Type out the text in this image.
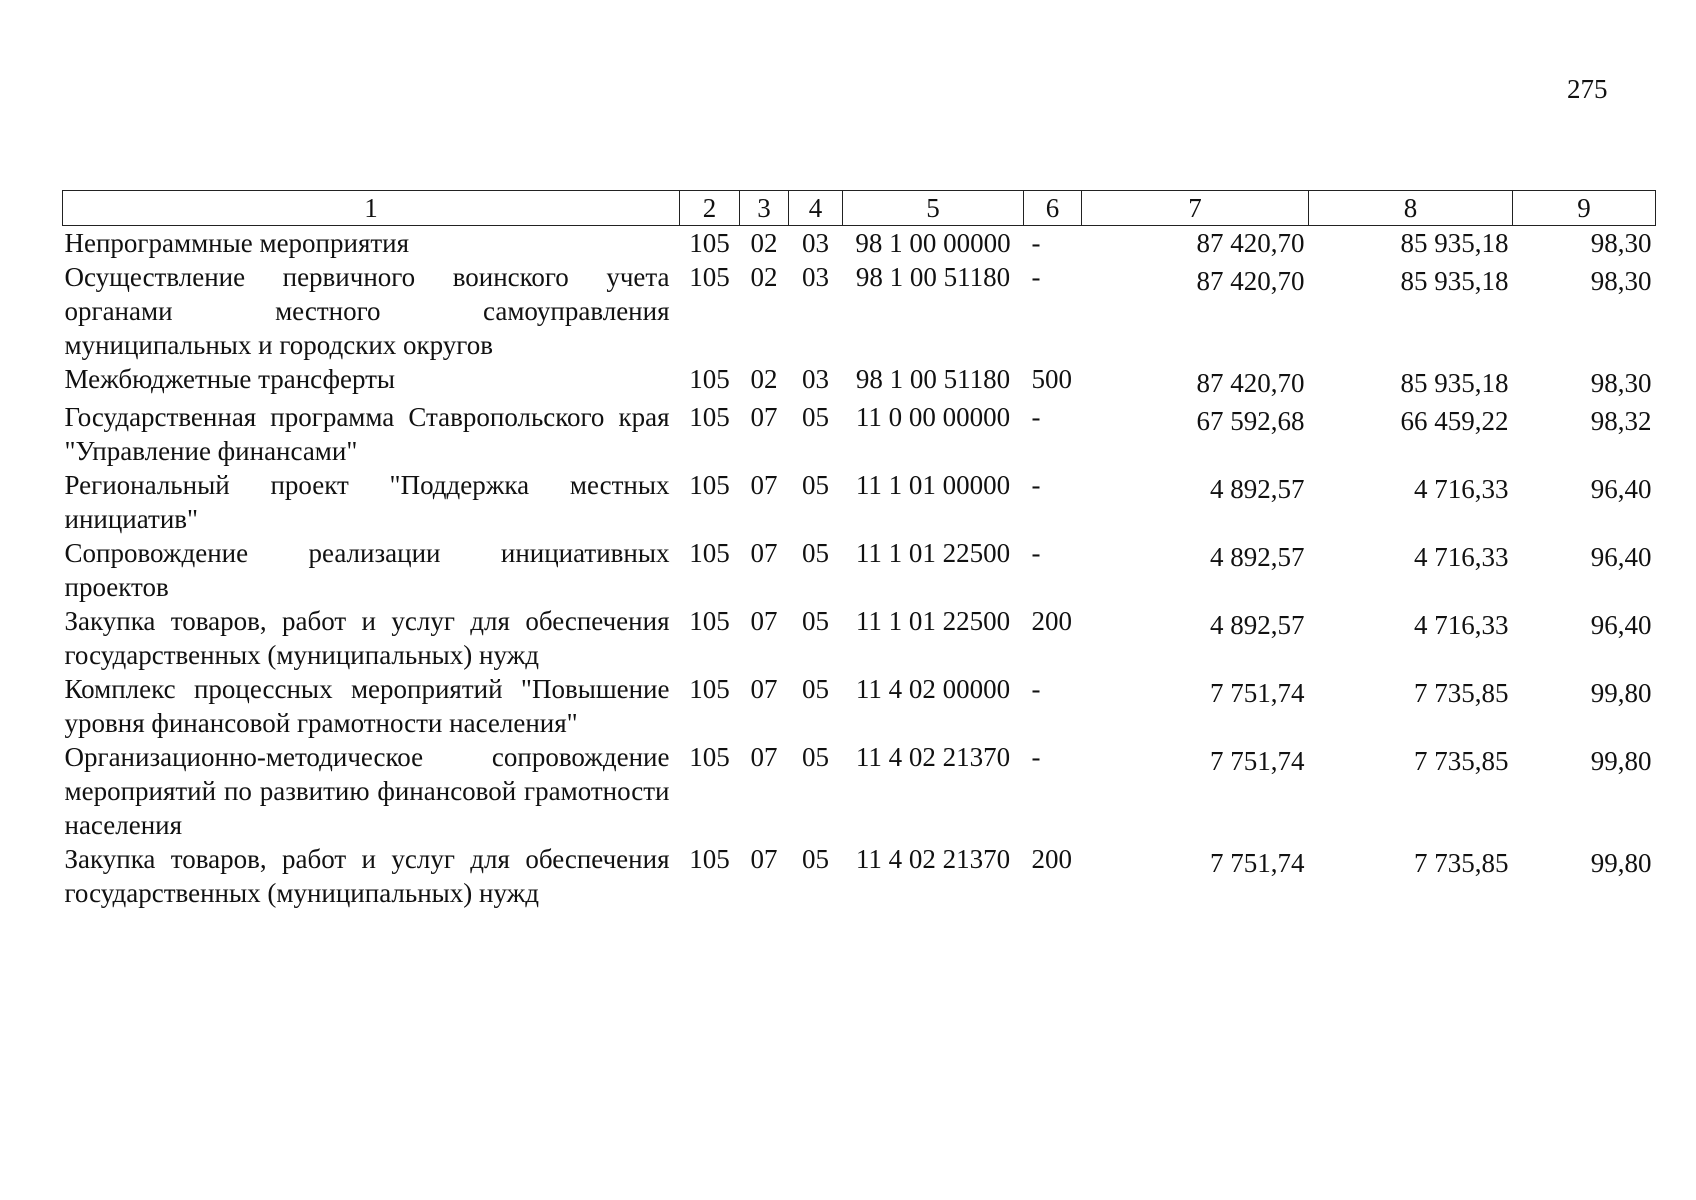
275
1	2	3	4	5	6	7	8	9
Непрограммные мероприятия	105	02	03	98 1 00 00000	-	87 420,70	85 935,18	98,30
Осуществление первичного воинского учета органами местного самоуправления муниципальных и городских округов	105	02	03	98 1 00 51180	-	87 420,70	85 935,18	98,30
Межбюджетные трансферты	105	02	03	98 1 00 51180	500	87 420,70	85 935,18	98,30
Государственная программа Ставропольского края "Управление финансами"	105	07	05	11 0 00 00000	-	67 592,68	66 459,22	98,32
Региональный проект "Поддержка местных инициатив"	105	07	05	11 1 01 00000	-	4 892,57	4 716,33	96,40
Сопровождение реализации инициативных проектов	105	07	05	11 1 01 22500	-	4 892,57	4 716,33	96,40
Закупка товаров, работ и услуг для обеспечения государственных (муниципальных) нужд	105	07	05	11 1 01 22500	200	4 892,57	4 716,33	96,40
Комплекс процессных мероприятий "Повышение уровня финансовой грамотности населения"	105	07	05	11 4 02 00000	-	7 751,74	7 735,85	99,80
Организационно-методическое сопровождение мероприятий по развитию финансовой грамотности населения	105	07	05	11 4 02 21370	-	7 751,74	7 735,85	99,80
Закупка товаров, работ и услуг для обеспечения государственных (муниципальных) нужд	105	07	05	11 4 02 21370	200	7 751,74	7 735,85	99,80
